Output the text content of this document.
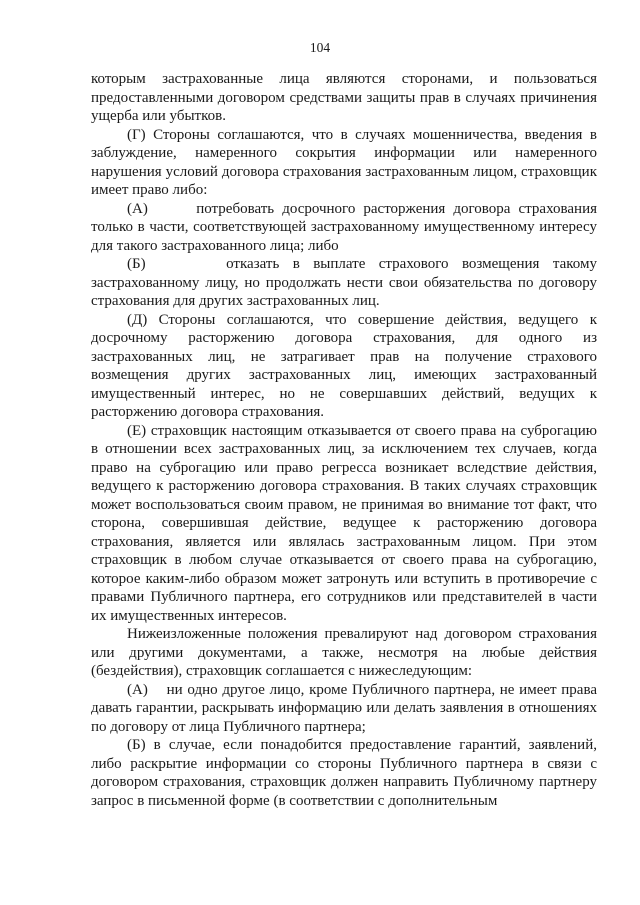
104

которым застрахованные лица являются сторонами, и пользоваться предоставленными договором средствами защиты прав в случаях причинения ущерба или убытков.

(Г) Стороны соглашаются, что в случаях мошенничества, введения в заблуждение, намеренного сокрытия информации или намеренного нарушения условий договора страхования застрахованным лицом, страховщик имеет право либо:

(А)      потребовать досрочного расторжения договора страхования только в части, соответствующей застрахованному имущественному интересу для такого застрахованного лица; либо

(Б)      отказать в выплате страхового возмещения такому застрахованному лицу, но продолжать нести свои обязательства по договору страхования для других застрахованных лиц.

(Д) Стороны соглашаются, что совершение действия, ведущего к досрочному расторжению договора страхования, для одного из застрахованных лиц, не затрагивает прав на получение страхового возмещения других застрахованных лиц, имеющих застрахованный имущественный интерес, но не совершавших действий, ведущих к расторжению договора страхования.

(Е) страховщик настоящим отказывается от своего права на суброгацию в отношении всех застрахованных лиц, за исключением тех случаев, когда право на суброгацию или право регресса возникает вследствие действия, ведущего к расторжению договора страхования. В таких случаях страховщик может воспользоваться своим правом, не принимая во внимание тот факт, что сторона, совершившая действие, ведущее к расторжению договора страхования, является или являлась застрахованным лицом. При этом страховщик в любом случае отказывается от своего права на суброгацию, которое каким-либо образом может затронуть или вступить в противоречие с правами Публичного партнера, его сотрудников или представителей в части их имущественных интересов.

Нижеизложенные положения превалируют над договором страхования или другими документами, а также, несмотря на любые действия (бездействия), страховщик соглашается с нижеследующим:

(А)    ни одно другое лицо, кроме Публичного партнера, не имеет права давать гарантии, раскрывать информацию или делать заявления в отношениях по договору от лица Публичного партнера;

(Б) в случае, если понадобится предоставление гарантий, заявлений, либо раскрытие информации со стороны Публичного партнера в связи с договором страхования, страховщик должен направить Публичному партнеру запрос в письменной форме (в соответствии с дополнительным
